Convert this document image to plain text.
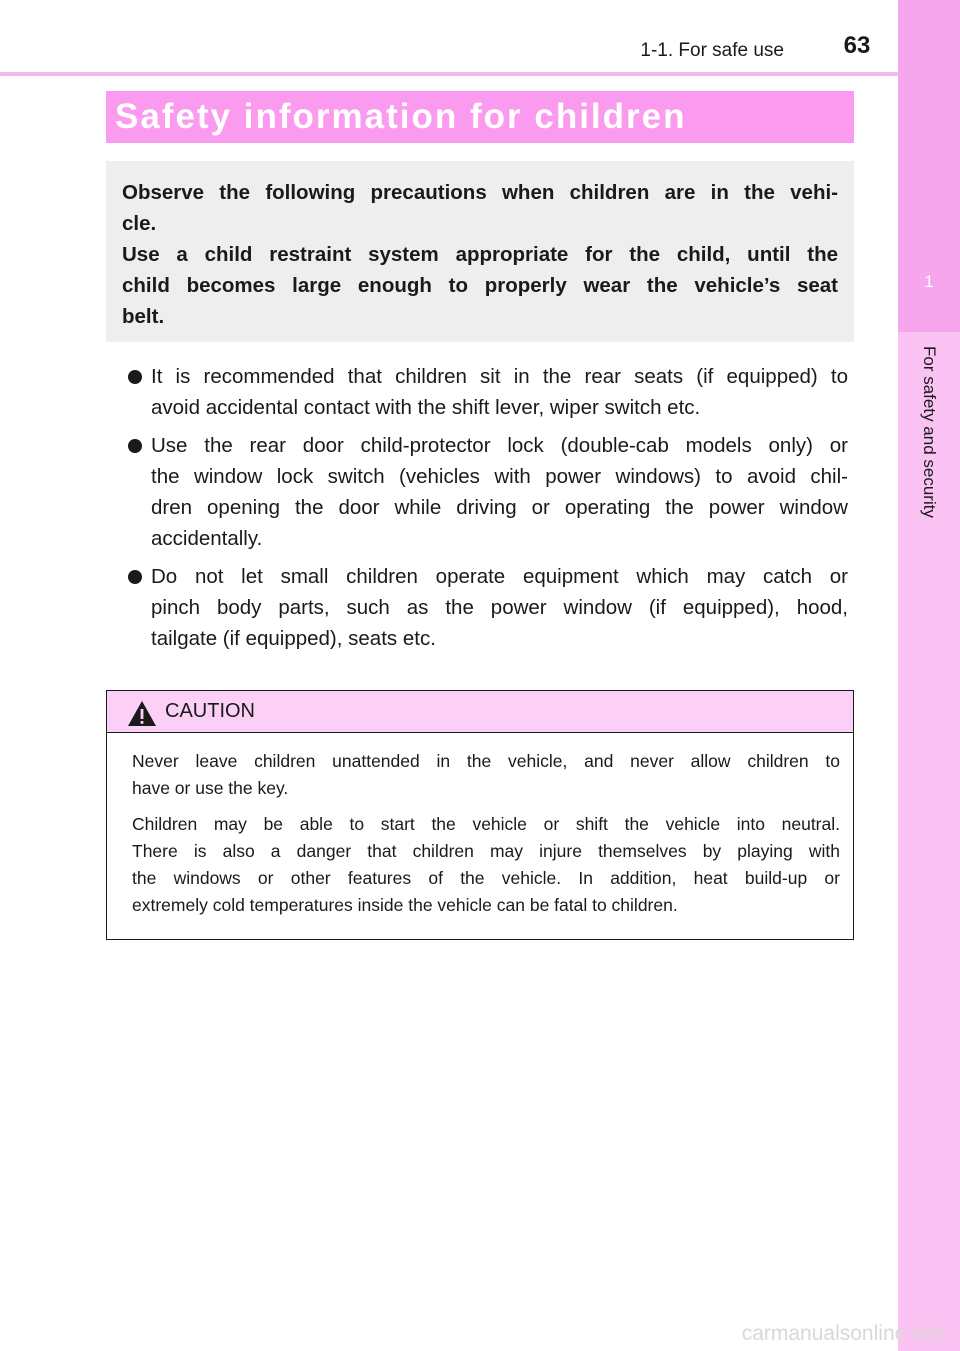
1-1. For safe use	63
1
For safety and security
Safety information for children
Observe the following precautions when children are in the vehi-
cle.
Use a child restraint system appropriate for the child, until the
child becomes large enough to properly wear the vehicle’s seat
belt.
It is recommended that children sit in the rear seats (if equipped) to
avoid accidental contact with the shift lever, wiper switch etc.
Use the rear door child-protector lock (double-cab models only) or
the window lock switch (vehicles with power windows) to avoid chil-
dren opening the door while driving or operating the power window
accidentally.
Do not let small children operate equipment which may catch or
pinch body parts, such as the power window (if equipped), hood,
tailgate (if equipped), seats etc.
CAUTION
Never leave children unattended in the vehicle, and never allow children to
have or use the key.
Children may be able to start the vehicle or shift the vehicle into neutral.
There is also a danger that children may injure themselves by playing with
the windows or other features of the vehicle. In addition, heat build-up or
extremely cold temperatures inside the vehicle can be fatal to children.
carmanualsonline.info
